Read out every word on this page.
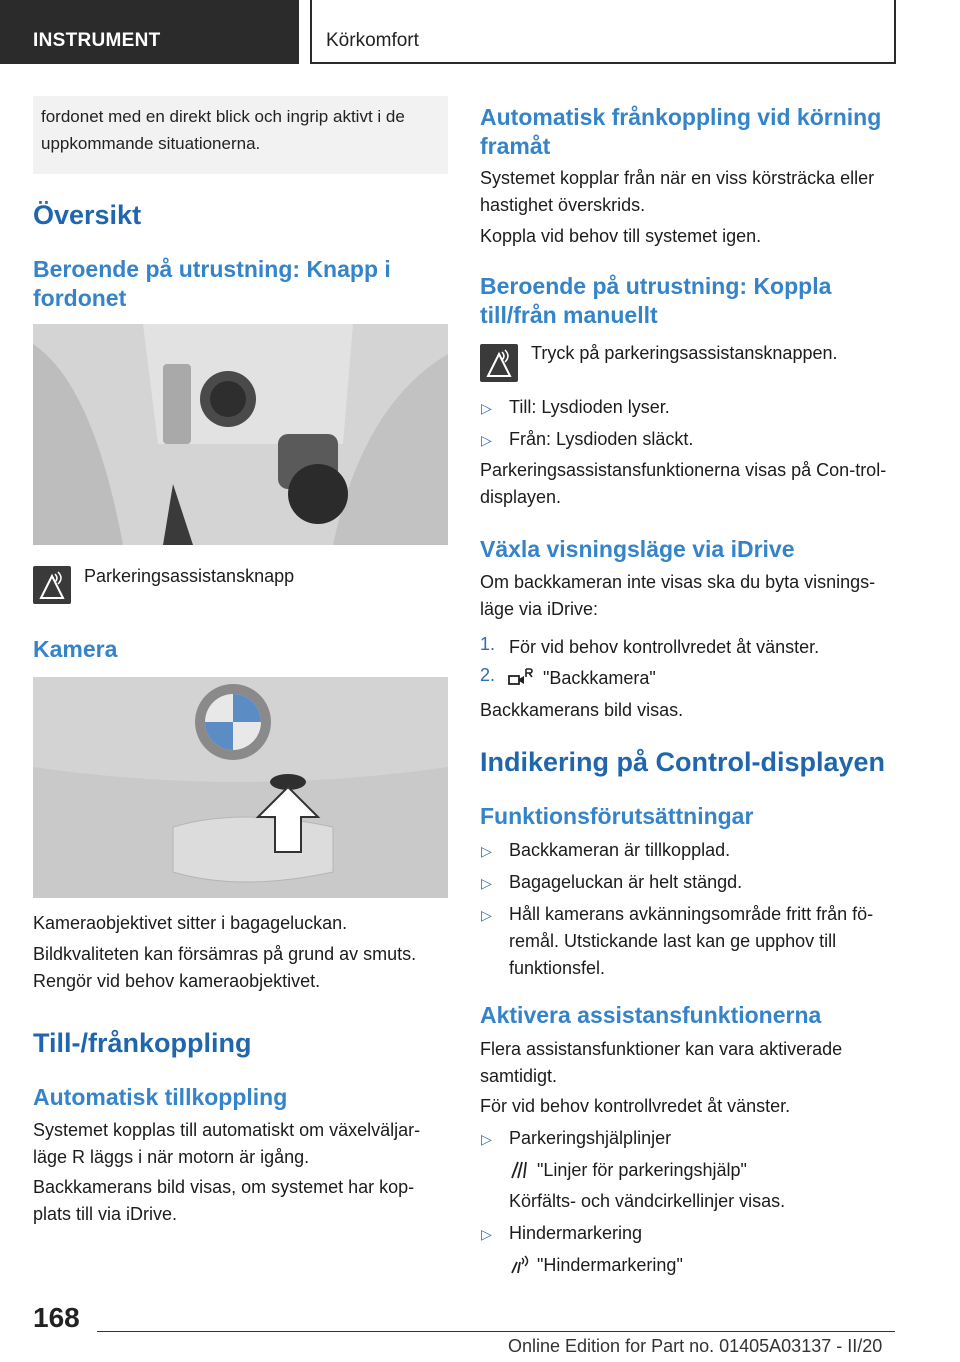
INSTRUMENT	Körkomfort
fordonet med en direkt blick och ingrip aktivt i de uppkommande situationerna.
Översikt
Beroende på utrustning: Knapp i fordonet
Parkeringsassistansknapp
Kamera
Kameraobjektivet sitter i bagageluckan.
Bildkvaliteten kan försämras på grund av smuts. Rengör vid behov kameraobjektivet.
Till-/frånkoppling
Automatisk tillkoppling
Systemet kopplas till automatiskt om växelväljar-läge R läggs i när motorn är igång.
Backkamerans bild visas, om systemet har kop-plats till via iDrive.
Automatisk frånkoppling vid körning framåt
Systemet kopplar från när en viss körsträcka eller hastighet överskrids.
Koppla vid behov till systemet igen.
Beroende på utrustning: Koppla till/från manuellt
Tryck på parkeringsassistansknappen.
▷ Till: Lysdioden lyser.
▷ Från: Lysdioden släckt.
Parkeringsassistansfunktionerna visas på Con-trol-displayen.
Växla visningsläge via iDrive
Om backkameran inte visas ska du byta visnings-läge via iDrive:
1. För vid behov kontrollvredet åt vänster.
2.	"Backkamera"
Backkamerans bild visas.
Indikering på Control-displayen
Funktionsförutsättningar
▷ Backkameran är tillkopplad.
▷ Bagageluckan är helt stängd.
▷ Håll kamerans avkänningsområde fritt från fö-remål. Utstickande last kan ge upphov till funktionsfel.
Aktivera assistansfunktionerna
Flera assistansfunktioner kan vara aktiverade samtidigt.
För vid behov kontrollvredet åt vänster.
▷ Parkeringshjälplinjer
"Linjer för parkeringshjälp"
Körfälts- och vändcirkellinjer visas.
▷ Hindermarkering
"Hindermarkering"
168
Online Edition for Part no. 01405A03137 - II/20
